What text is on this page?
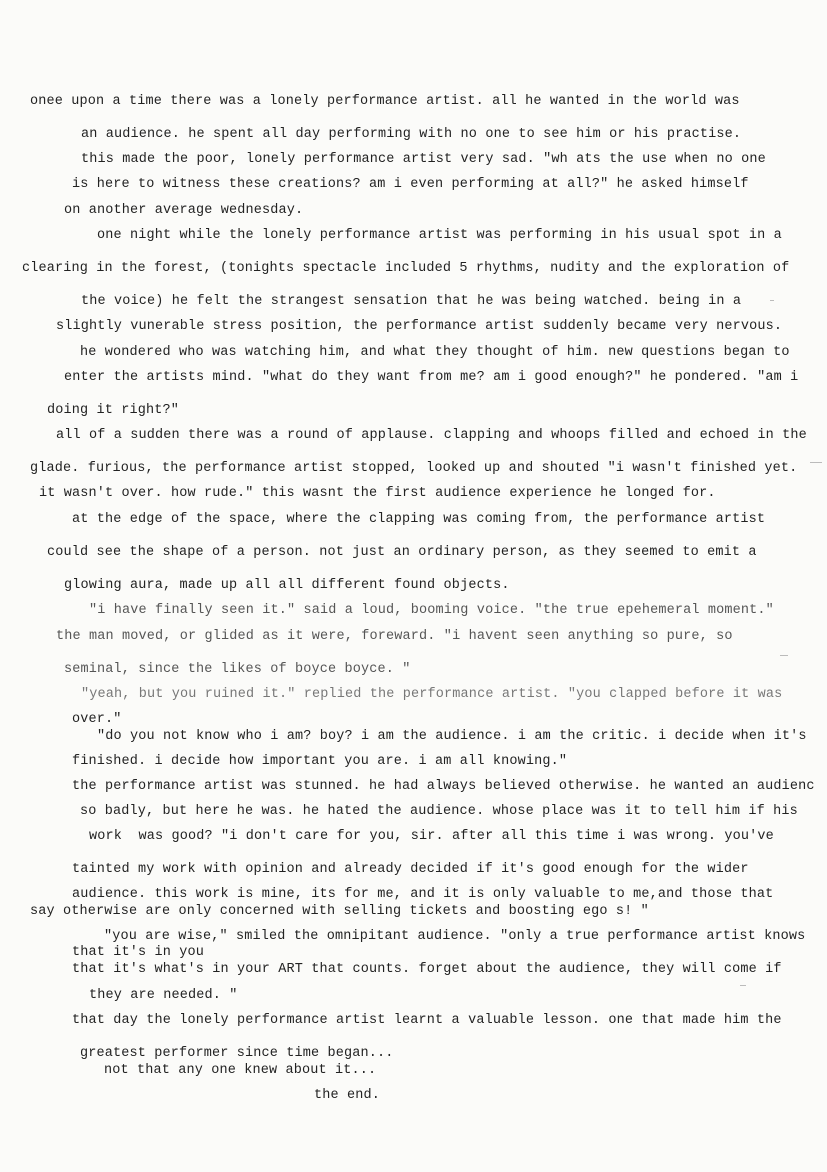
onee upon a time there was a lonely performance artist. all he wanted in the world was
an audience. he spent all day performing with no one to see him or his practise.
this made the poor, lonely performance artist very sad. "wh ats the use when no one
is here to witness these creations? am i even performing at all?" he asked himself
on another average wednesday.
one night while the lonely performance artist was performing in his usual spot in a
clearing in the forest, (tonights spectacle included 5 rhythms, nudity and the exploration of
the voice) he felt the strangest sensation that he was being watched. being in a
slightly vunerable stress position, the performance artist suddenly became very nervous.
he wondered who was watching him, and what they thought of him. new questions began to
enter the artists mind. "what do they want from me? am i good enough?" he pondered. "am i
doing it right?"
all of a sudden there was a round of applause. clapping and whoops filled and echoed in the
glade. furious, the performance artist stopped, looked up and shouted "i wasn't finished yet.
it wasn't over. how rude." this wasnt the first audience experience he longed for.
at the edge of the space, where the clapping was coming from, the performance artist
could see the shape of a person. not just an ordinary person, as they seemed to emit a
glowing aura, made up all all different found objects.
"i have finally seen it." said a loud, booming voice. "the true epehemeral moment."
the man moved, or glided as it were, foreward. "i havent seen anything so pure, so
seminal, since the likes of boyce boyce. "
"yeah, but you ruined it." replied the performance artist. "you clapped before it was
over."
"do you not know who i am? boy? i am the audience. i am the critic. i decide when it's
finished. i decide how important you are. i am all knowing."
the performance artist was stunned. he had always believed otherwise. he wanted an audienc
so badly, but here he was. he hated the audience. whose place was it to tell him if his
work  was good? "i don't care for you, sir. after all this time i was wrong. you've
tainted my work with opinion and already decided if it's good enough for the wider
audience. this work is mine, its for me, and it is only valuable to me,and those that
say otherwise are only concerned with selling tickets and boosting ego s! "
"you are wise," smiled the omnipitant audience. "only a true performance artist knows
that it's in you
that it's what's in your ART that counts. forget about the audience, they will come if
they are needed. "
that day the lonely performance artist learnt a valuable lesson. one that made him the
greatest performer since time began...
not that any one knew about it...
the end.
